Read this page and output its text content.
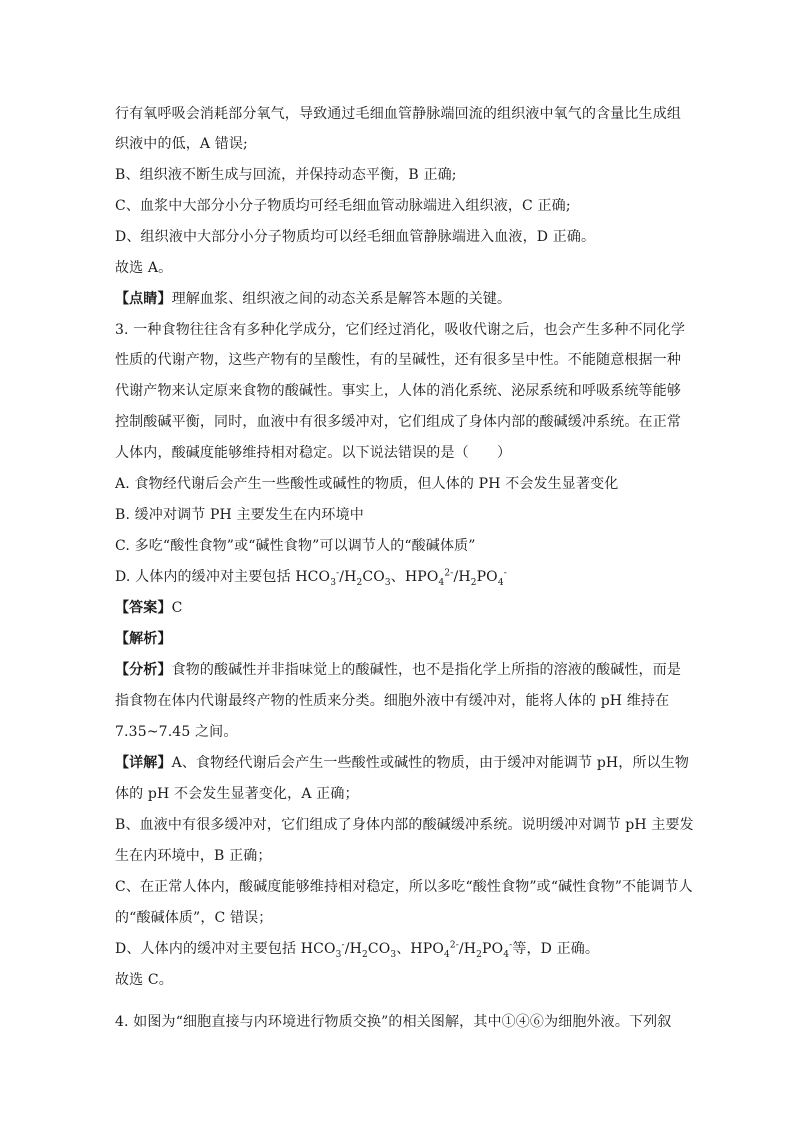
行有氧呼吸会消耗部分氧气，导致通过毛细血管静脉端回流的组织液中氧气的含量比生成组
织液中的低，A 错误;
B、组织液不断生成与回流，并保持动态平衡，B 正确;
C、血浆中大部分小分子物质均可经毛细血管动脉端进入组织液，C 正确;
D、组织液中大部分小分子物质均可以经毛细血管静脉端进入血液，D 正确。
故选 A。
【点睛】理解血浆、组织液之间的动态关系是解答本题的关键。
3. 一种食物往往含有多种化学成分，它们经过消化，吸收代谢之后，也会产生多种不同化学
性质的代谢产物，这些产物有的呈酸性，有的呈碱性，还有很多呈中性。不能随意根据一种
代谢产物来认定原来食物的酸碱性。事实上，人体的消化系统、泌尿系统和呼吸系统等能够
控制酸碱平衡，同时，血液中有很多缓冲对，它们组成了身体内部的酸碱缓冲系统。在正常
人体内，酸碱度能够维持相对稳定。以下说法错误的是（　　）
A. 食物经代谢后会产生一些酸性或碱性的物质，但人体的 PH 不会发生显著变化
B. 缓冲对调节 PH 主要发生在内环境中
C. 多吃“酸性食物”或“碱性食物”可以调节人的“酸碱体质”
D. 人体内的缓冲对主要包括 $HCO_3^-/H_2CO_3$、$HPO_4^{2-}/H_2PO_4^-$
【答案】C
【解析】
【分析】食物的酸碱性并非指味觉上的酸碱性，也不是指化学上所指的溶液的酸碱性，而是
指食物在体内代谢最终产物的性质来分类。细胞外液中有缓冲对，能将人体的 pH 维持在
7.35~7.45 之间。
【详解】A、食物经代谢后会产生一些酸性或碱性的物质，由于缓冲对能调节 pH，所以生物
体的 pH 不会发生显著变化，A 正确；
B、血液中有很多缓冲对，它们组成了身体内部的酸碱缓冲系统。说明缓冲对调节 pH 主要发
生在内环境中，B 正确；
C、在正常人体内，酸碱度能够维持相对稳定，所以多吃“酸性食物”或“碱性食物”不能调节人
的“酸碱体质”，C 错误；
D、人体内的缓冲对主要包括 $HCO_3^-/H_2CO_3$、$HPO_4^{2-}/H_2PO_4^-$等，D 正确。
故选 C。
4. 如图为“细胞直接与内环境进行物质交换”的相关图解，其中①④⑥为细胞外液。下列叙
